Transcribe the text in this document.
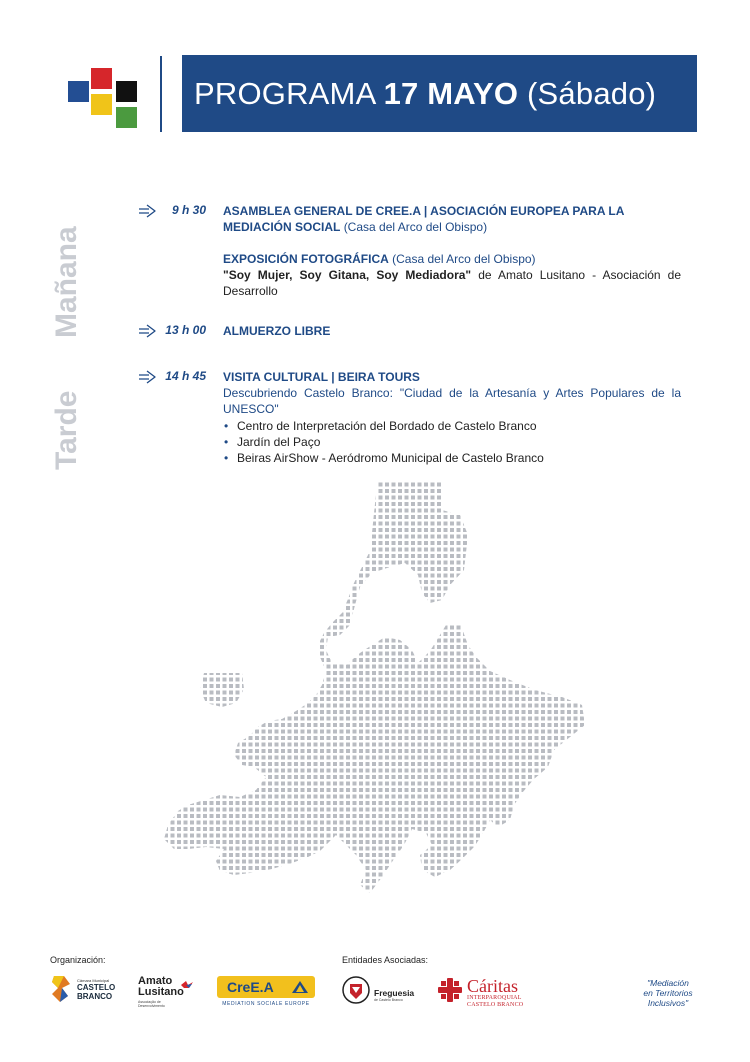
PROGRAMA 17 MAYO (Sábado)
Mañana
Tarde
9 h 30 ASAMBLEA GENERAL DE CREE.A | ASOCIACIÓN EUROPEA PARA LA MEDIACIÓN SOCIAL (Casa del Arco del Obispo)
EXPOSICIÓN FOTOGRÁFICA (Casa del Arco del Obispo)
"Soy Mujer, Soy Gitana, Soy Mediadora" de Amato Lusitano - Asociación de Desarrollo
13 h 00 ALMUERZO LIBRE
14 h 45 VISITA CULTURAL | BEIRA TOURS
Descubriendo Castelo Branco: "Ciudad de la Artesanía y Artes Populares de la UNESCO"
• Centro de Interpretación del Bordado de Castelo Branco
• Jardín del Paço
• Beiras AirShow - Aeródromo Municipal de Castelo Branco
Organización:	Entidades Asociadas:
Câmara Municipal
CASTELO
BRANCO
Amato
Lusitano
Associação de Desenvolvimento
CreE.A
MEDIATION SOCIALE EUROPE
Freguesia
de Castelo Branco
Cáritas
INTERPAROQUIAL
CASTELO BRANCO
"Mediación
en Territorios
Inclusivos"
